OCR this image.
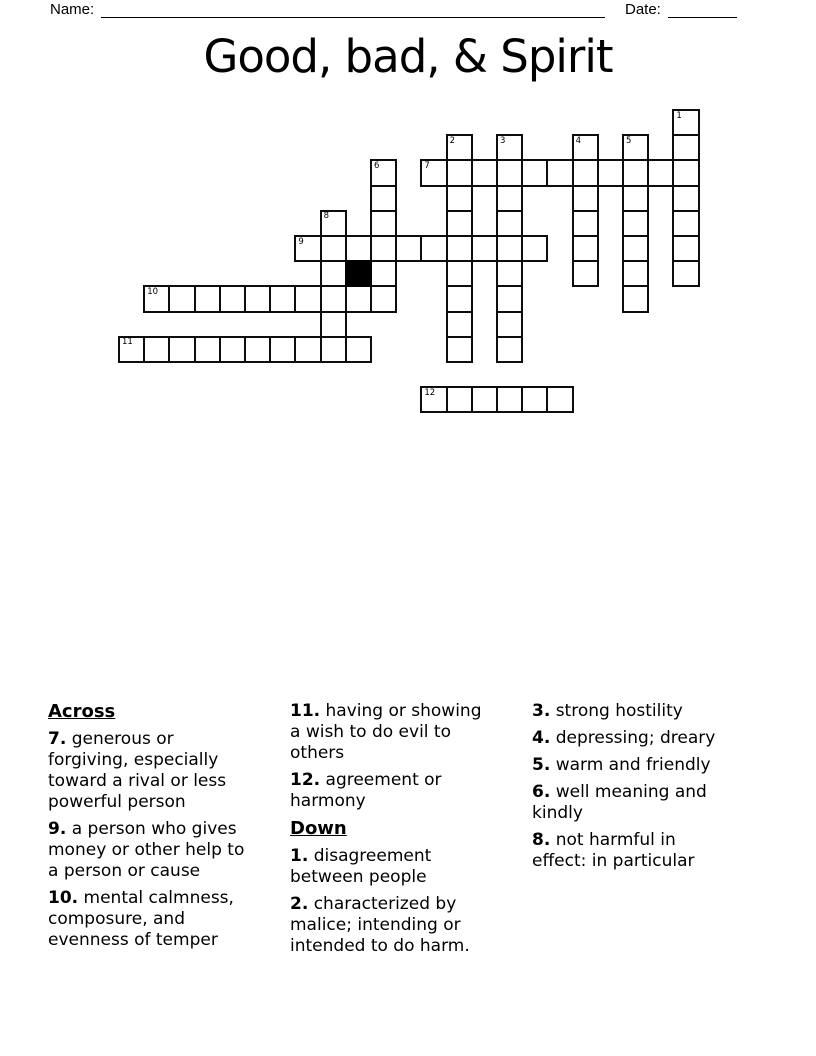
Name:	Date:
Good, bad, & Spirit
1
2	3	4	5
6	7
8
9
10
11
12
Across

7. generous or forgiving, especially toward a rival or less powerful person

9. a person who gives money or other help to a person or cause

10. mental calmness, composure, and evenness of temper

11. having or showing a wish to do evil to others

12. agreement or harmony

Down

1. disagreement between people

2. characterized by malice; intending or intended to do harm.

3. strong hostility

4. depressing; dreary

5. warm and friendly

6. well meaning and kindly

8. not harmful in effect: in particular
